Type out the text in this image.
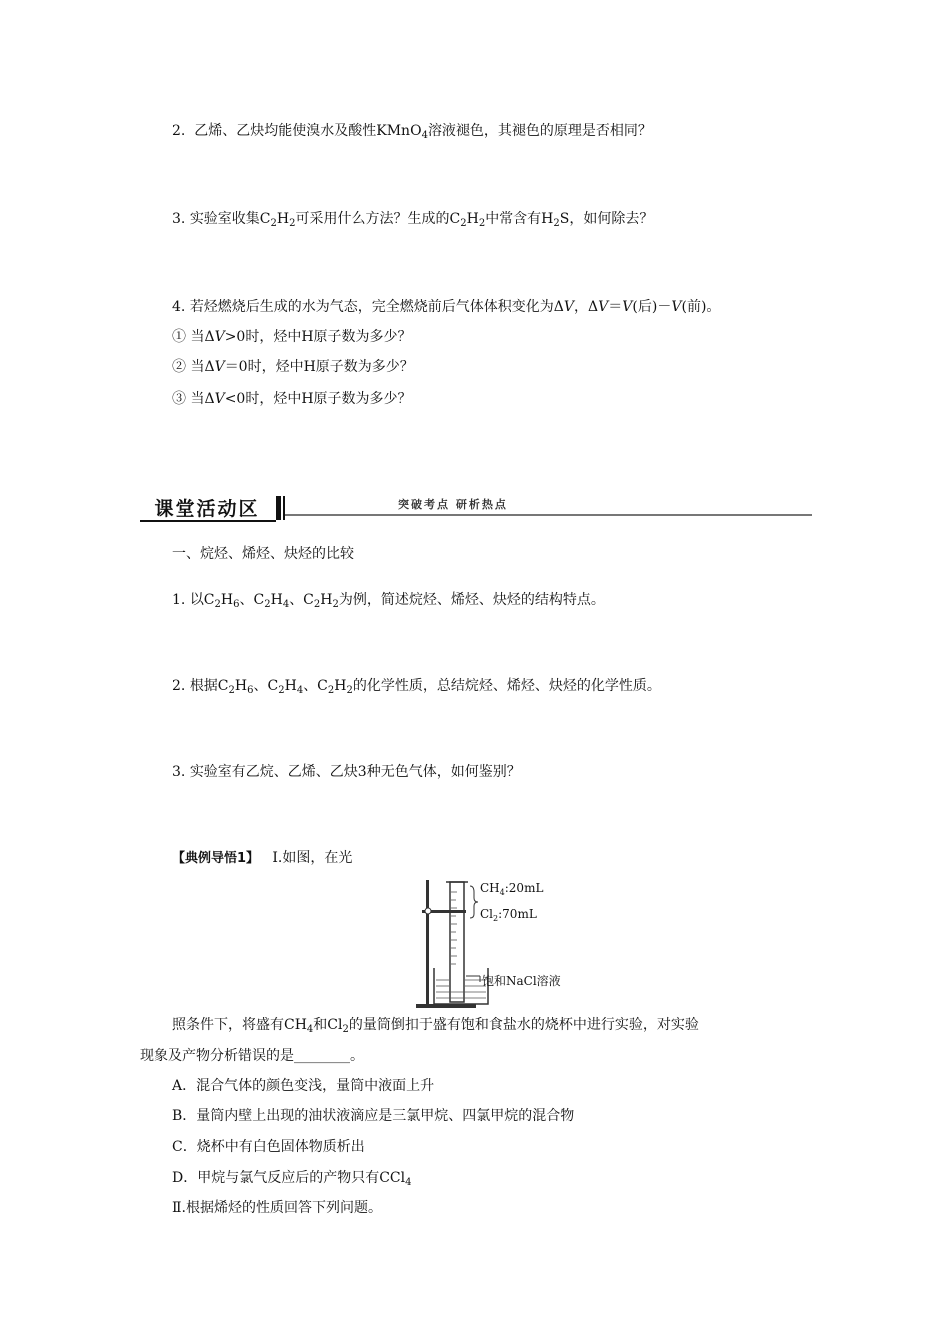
2. 乙烯、乙炔均能使溴水及酸性KMnO$_4$溶液褪色，其褪色的原理是否相同？
3. 实验室收集$C_2H_2$可采用什么方法？生成的$C_2H_2$中常含有$H_2S$，如何除去？
4. 若烃燃烧后生成的水为气态，完全燃烧前后气体体积变化为ΔV，ΔV＝V(后)－V(前)。
① 当ΔV>0时，烃中H原子数为多少？
② 当ΔV＝0时，烃中H原子数为多少？
③ 当ΔV<0时，烃中H原子数为多少？
课堂活动区	突破考点 研析热点
一、烷烃、烯烃、炔烃的比较
1. 以$C_2H_6$、$C_2H_4$、$C_2H_2$为例，简述烷烃、烯烃、炔烃的结构特点。
2. 根据$C_2H_6$、$C_2H_4$、$C_2H_2$的化学性质，总结烷烃、烯烃、炔烃的化学性质。
3. 实验室有乙烷、乙烯、乙炔3种无色气体，如何鉴别？
【典例导悟1】 Ⅰ.如图，在光
$CH_4:20mL$
$Cl_2:70mL$
饱和NaCl溶液
照条件下，将盛有$CH_4$和$Cl_2$的量筒倒扣于盛有饱和食盐水的烧杯中进行实验，对实验
现象及产物分析错误的是________。
A．混合气体的颜色变浅，量筒中液面上升
B．量筒内壁上出现的油状液滴应是三氯甲烷、四氯甲烷的混合物
C．烧杯中有白色固体物质析出
D．甲烷与氯气反应后的产物只有CCl$_4$
Ⅱ.根据烯烃的性质回答下列问题。
